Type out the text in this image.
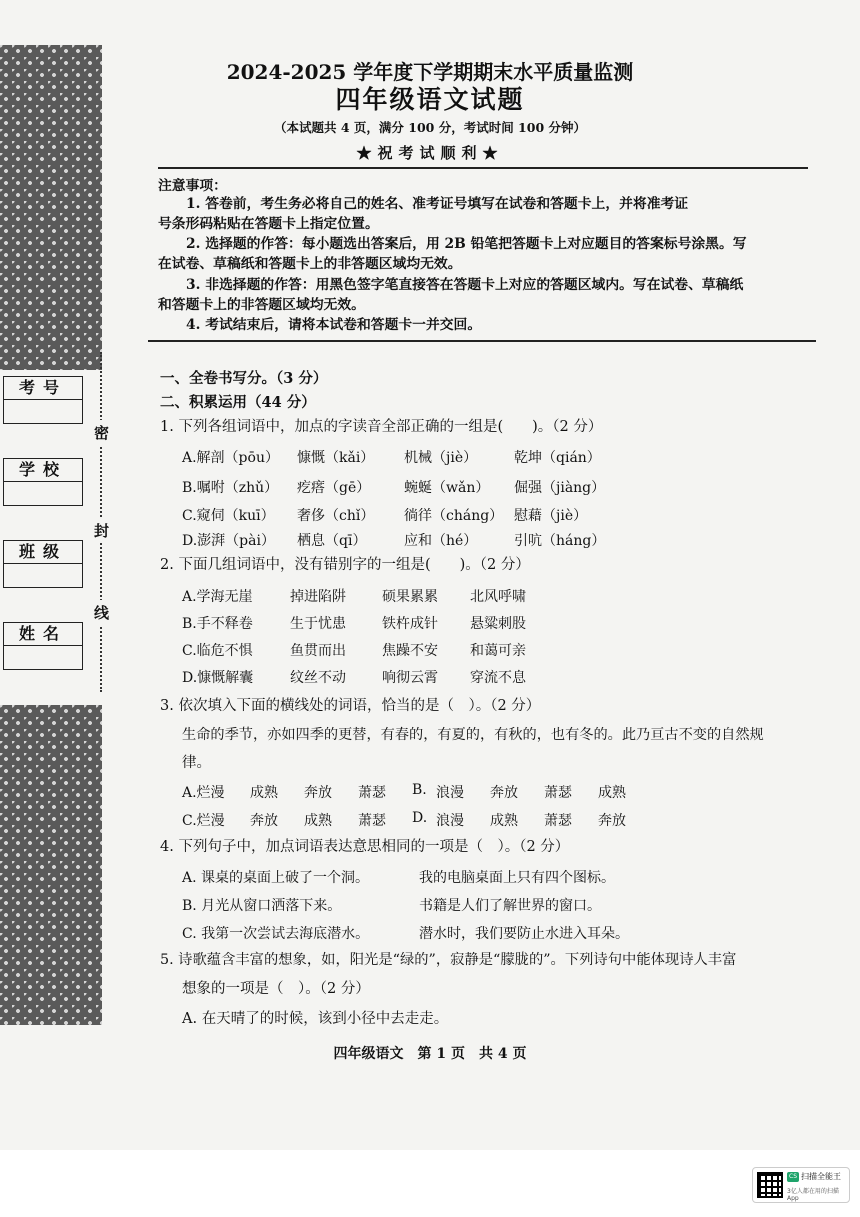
考号
学校
班级
姓名
密
封
线
2024-2025 学年度下学期期末水平质量监测
四年级语文试题
（本试题共 4 页，满分 100 分，考试时间 100 分钟）
★祝考试顺利★
注意事项：
1. 答卷前，考生务必将自己的姓名、准考证号填写在试卷和答题卡上，并将准考证
号条形码粘贴在答题卡上指定位置。
2. 选择题的作答：每小题选出答案后，用 2B 铅笔把答题卡上对应题目的答案标号涂黑。写
在试卷、草稿纸和答题卡上的非答题区域均无效。
3. 非选择题的作答：用黑色签字笔直接答在答题卡上对应的答题区域内。写在试卷、草稿纸
和答题卡上的非答题区域均无效。
4. 考试结束后，请将本试卷和答题卡一并交回。
一、全卷书写分。（3 分）
二、积累运用（44 分）
1. 下列各组词语中，加点的字读音全部正确的一组是(　　)。（2 分）
A.解剖（pōu） 慷慨（kǎi） 机械（jiè）	乾坤（qián）
B.嘱咐（zhǔ） 疙瘩（gē） 蜿蜒（wǎn） 倔强（jiàng）
C.窥伺（kuī） 奢侈（chǐ） 徜徉（cháng） 慰藉（jiè）
D.澎湃（pài） 栖息（qī）	应和（hé）	引吭（háng）
2. 下面几组词语中，没有错别字的一组是(　　)。（2 分）
A.学海无崖	掉进陷阱	硕果累累 北风呼啸
B.手不释卷	生于忧患	铁杵成针 悬粱刺股
C.临危不惧	鱼贯而出	焦躁不安 和蔼可亲
D.慷慨解囊	纹丝不动	响彻云霄 穿流不息
3. 依次填入下面的横线处的词语，恰当的是（　）。（2 分）
生命的季节，亦如四季的更替，有春的，有夏的，有秋的，也有冬的。此乃亘古不变的自然规
律。
A.烂漫 成熟 奔放 萧瑟 B. 浪漫 奔放 萧瑟 成熟
C.烂漫 奔放 成熟 萧瑟 D. 浪漫 成熟 萧瑟 奔放
4. 下列句子中，加点词语表达意思相同的一项是（　）。（2 分）
A. 课桌的桌面上破了一个洞。	我的电脑桌面上只有四个图标。
B. 月光从窗口洒落下来。	书籍是人们了解世界的窗口。
C. 我第一次尝试去海底潜水。	潜水时，我们要防止水进入耳朵。
5. 诗歌蕴含丰富的想象，如，阳光是“绿的”，寂静是“朦胧的”。下列诗句中能体现诗人丰富
想象的一项是（　）。（2 分）
A. 在天晴了的时候，该到小径中去走走。
四年级语文　第 1 页　共 4 页
CS 扫描全能王
3亿人都在用的扫描App
